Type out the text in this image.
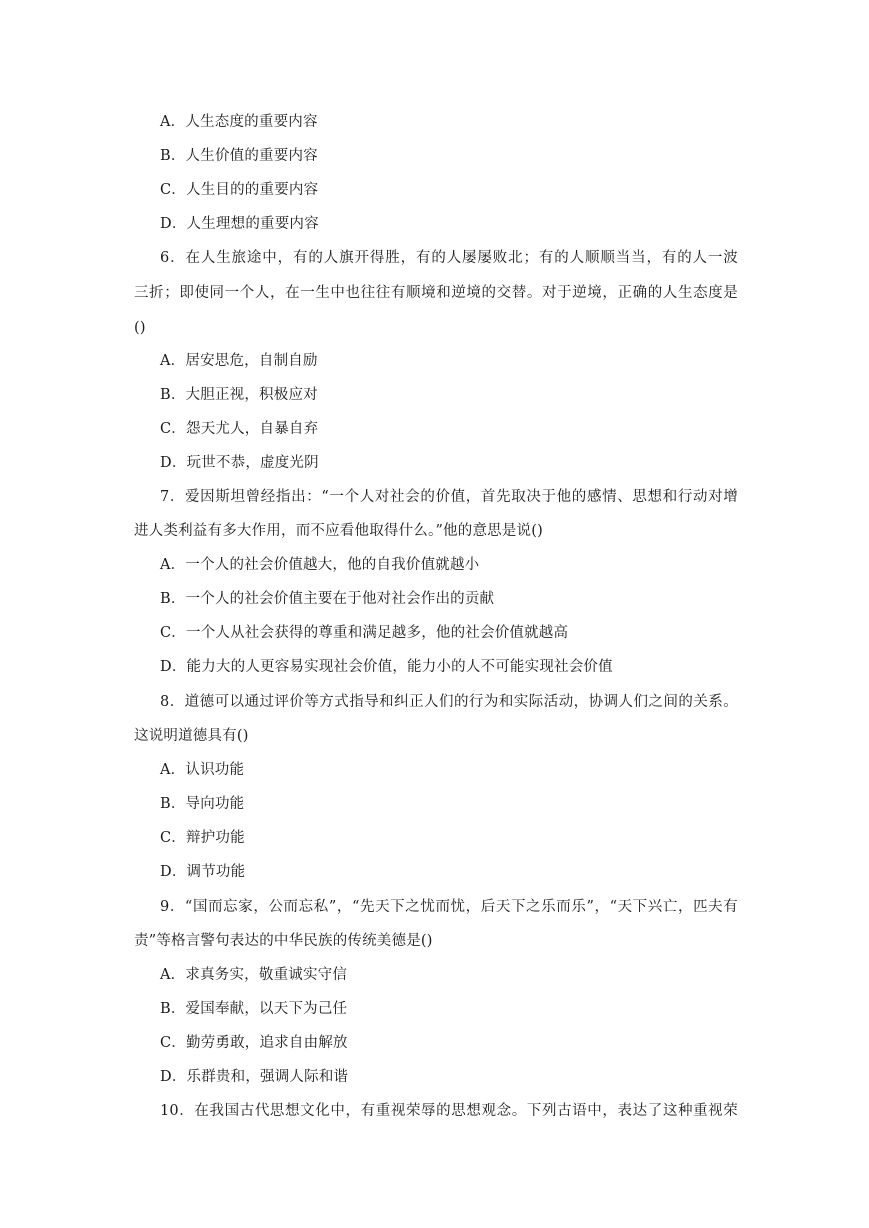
A．人生态度的重要内容
B．人生价值的重要内容
C．人生目的的重要内容
D．人生理想的重要内容
6．在人生旅途中，有的人旗开得胜，有的人屡屡败北；有的人顺顺当当，有的人一波
三折；即使同一个人，在一生中也往往有顺境和逆境的交替。对于逆境，正确的人生态度是
()
A．居安思危，自制自励
B．大胆正视，积极应对
C．怨天尤人，自暴自弃
D．玩世不恭，虚度光阴
7．爱因斯坦曾经指出：“一个人对社会的价值，首先取决于他的感情、思想和行动对增
进人类利益有多大作用，而不应看他取得什么。”他的意思是说()
A．一个人的社会价值越大，他的自我价值就越小
B．一个人的社会价值主要在于他对社会作出的贡献
C．一个人从社会获得的尊重和满足越多，他的社会价值就越高
D．能力大的人更容易实现社会价值，能力小的人不可能实现社会价值
8．道德可以通过评价等方式指导和纠正人们的行为和实际活动，协调人们之间的关系。
这说明道德具有()
A．认识功能
B．导向功能
C．辩护功能
D．调节功能
9．“国而忘家，公而忘私”，“先天下之忧而忧，后天下之乐而乐”，“天下兴亡，匹夫有
责”等格言警句表达的中华民族的传统美德是()
A．求真务实，敬重诚实守信
B．爱国奉献，以天下为己任
C．勤劳勇敢，追求自由解放
D．乐群贵和，强调人际和谐
10．在我国古代思想文化中，有重视荣辱的思想观念。下列古语中，表达了这种重视荣
